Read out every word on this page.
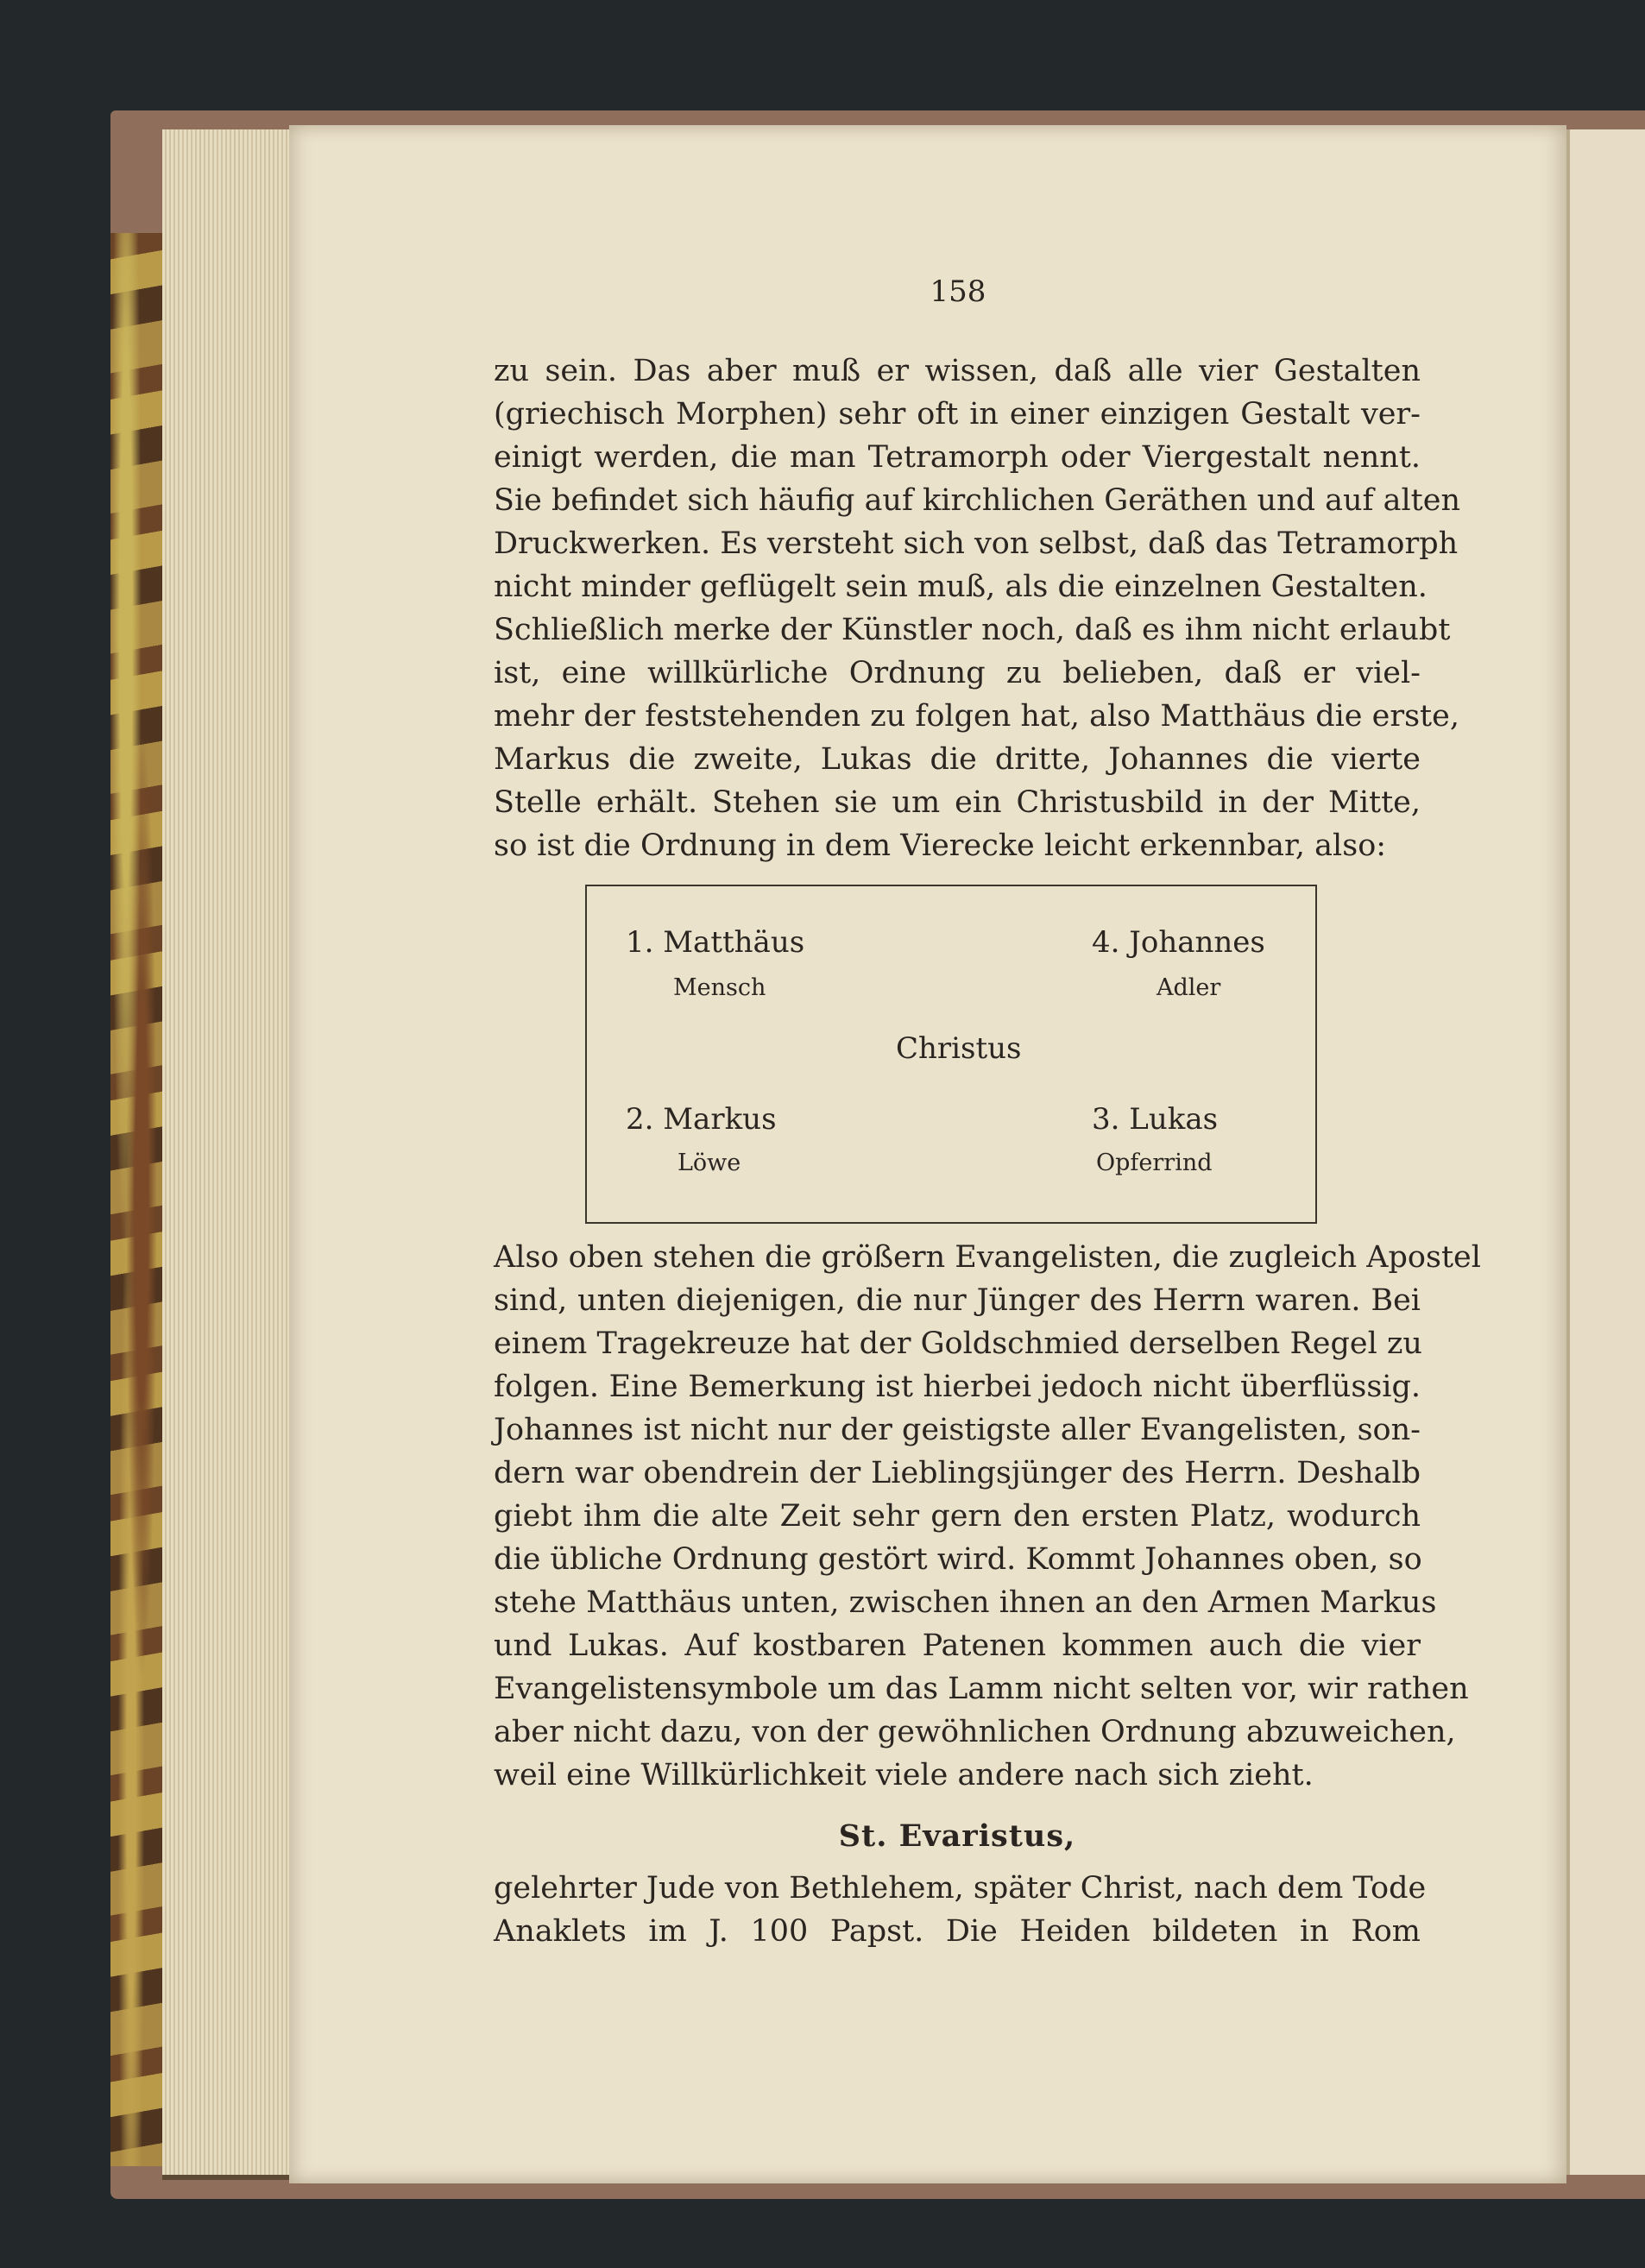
158
zu sein. Das aber muß er wissen, daß alle vier Gestalten
(griechisch Morphen) sehr oft in einer einzigen Gestalt ver-
einigt werden, die man Tetramorph oder Viergestalt nennt.
Sie befindet sich häufig auf kirchlichen Geräthen und auf alten
Druckwerken. Es versteht sich von selbst, daß das Tetramorph
nicht minder geflügelt sein muß, als die einzelnen Gestalten.
Schließlich merke der Künstler noch, daß es ihm nicht erlaubt
ist, eine willkürliche Ordnung zu belieben, daß er viel-
mehr der feststehenden zu folgen hat, also Matthäus die erste,
Markus die zweite, Lukas die dritte, Johannes die vierte
Stelle erhält. Stehen sie um ein Christusbild in der Mitte,
so ist die Ordnung in dem Vierecke leicht erkennbar, also:
1. Matthäus
Mensch
4. Johannes
Adler
Christus
2. Markus
Löwe
3. Lukas
Opferrind
Also oben stehen die größern Evangelisten, die zugleich Apostel
sind, unten diejenigen, die nur Jünger des Herrn waren. Bei
einem Tragekreuze hat der Goldschmied derselben Regel zu
folgen. Eine Bemerkung ist hierbei jedoch nicht überflüssig.
Johannes ist nicht nur der geistigste aller Evangelisten, son-
dern war obendrein der Lieblingsjünger des Herrn. Deshalb
giebt ihm die alte Zeit sehr gern den ersten Platz, wodurch
die übliche Ordnung gestört wird. Kommt Johannes oben, so
stehe Matthäus unten, zwischen ihnen an den Armen Markus
und Lukas. Auf kostbaren Patenen kommen auch die vier
Evangelistensymbole um das Lamm nicht selten vor, wir rathen
aber nicht dazu, von der gewöhnlichen Ordnung abzuweichen,
weil eine Willkürlichkeit viele andere nach sich zieht.
St. Evaristus,
gelehrter Jude von Bethlehem, später Christ, nach dem Tode
Anaklets im J. 100 Papst. Die Heiden bildeten in Rom
